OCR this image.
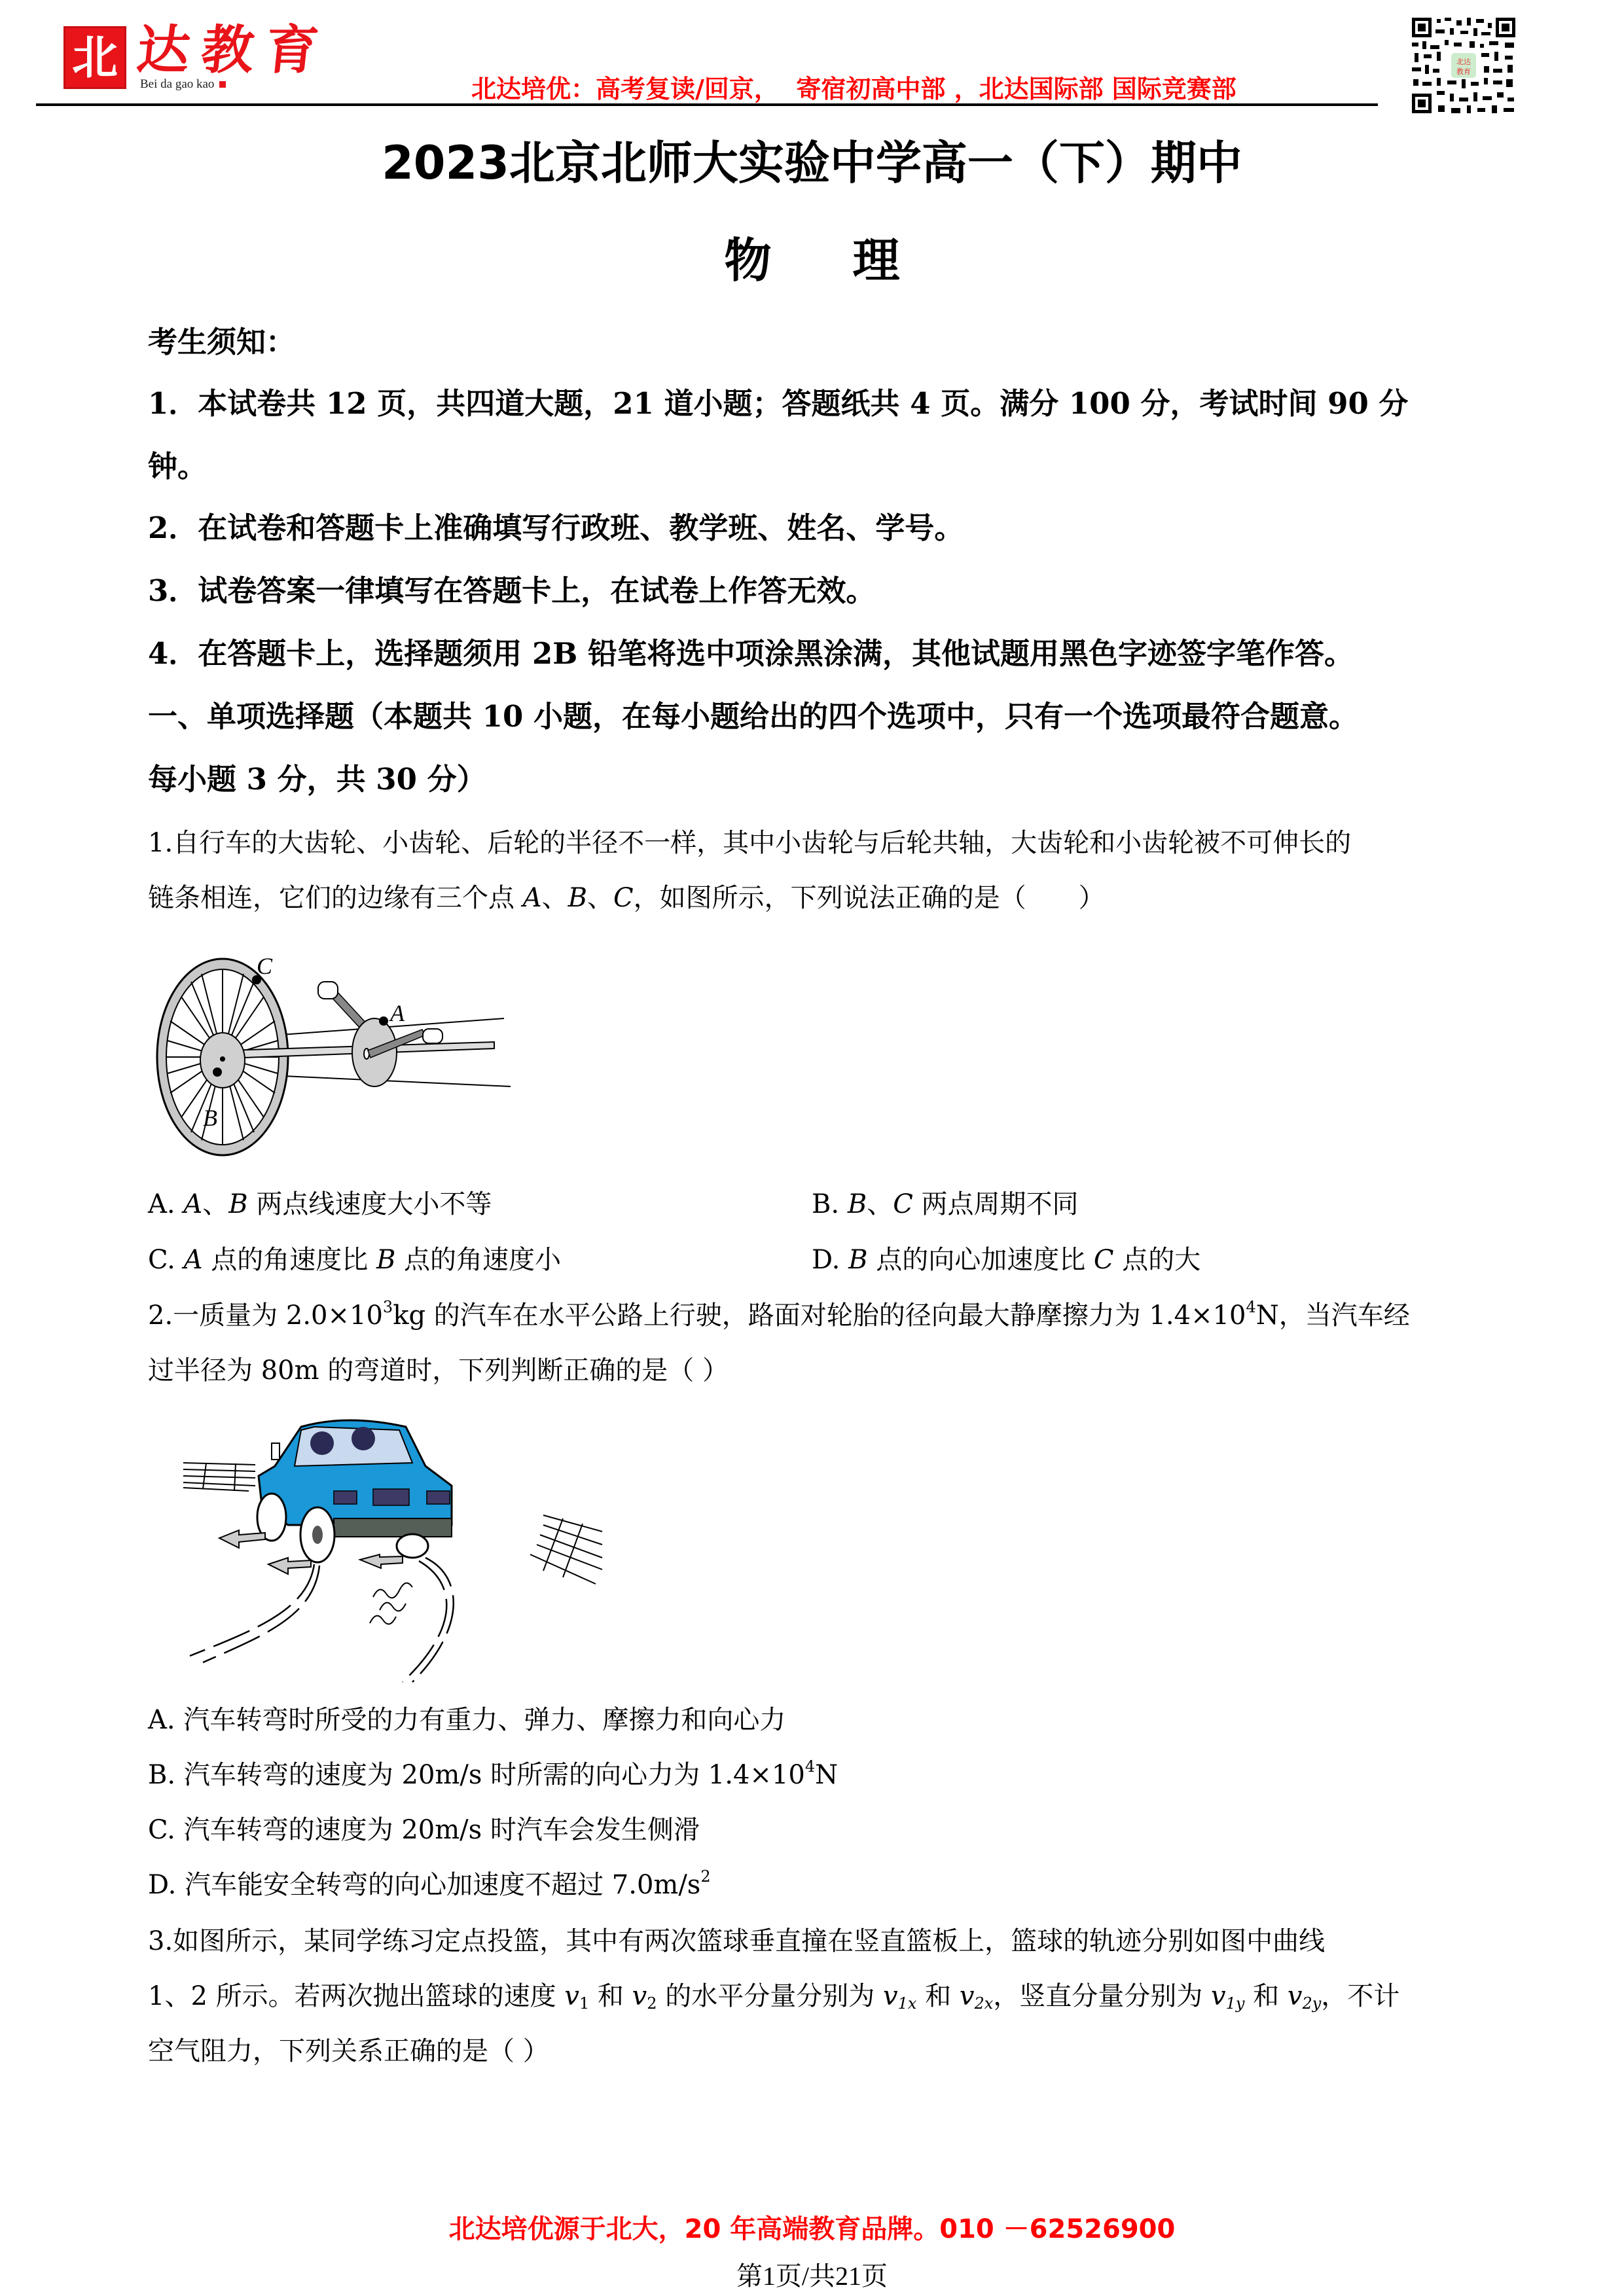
北 达教育
Bei da gao kao	北达培优：高考复读/回京，  寄宿初高中部 ，北达国际部 国际竞赛部
北达
教育
2023北京北师大实验中学高一（下）期中
物 理
考生须知：
1．本试卷共 12 页，共四道大题，21 道小题；答题纸共 4 页。满分 100 分，考试时间 90 分
钟。
2．在试卷和答题卡上准确填写行政班、教学班、姓名、学号。
3．试卷答案一律填写在答题卡上，在试卷上作答无效。
4．在答题卡上，选择题须用 2B 铅笔将选中项涂黑涂满，其他试题用黑色字迹签字笔作答。
一、单项选择题（本题共 10 小题，在每小题给出的四个选项中，只有一个选项最符合题意。
每小题 3 分，共 30 分）
1.自行车的大齿轮、小齿轮、后轮的半径不一样，其中小齿轮与后轮共轴，大齿轮和小齿轮被不可伸长的
链条相连，它们的边缘有三个点 A、B、C，如图所示，下列说法正确的是（　　）
C
A
B
A. A、B 两点线速度大小不等	B. B、C 两点周期不同
C. A 点的角速度比 B 点的角速度小	D. B 点的向心加速度比 C 点的大
2.一质量为 $2.0\times 10^3kg$ 的汽车在水平公路上行驶，路面对轮胎的径向最大静摩擦力为 $1.4\times 10^4N$，当汽车经
过半径为 80m 的弯道时，下列判断正确的是（ ）
A. 汽车转弯时所受的力有重力、弹力、摩擦力和向心力
B. 汽车转弯的速度为 20m/s 时所需的向心力为 $1.4\times 10^4N$
C. 汽车转弯的速度为 20m/s 时汽车会发生侧滑
D. 汽车能安全转弯的向心加速度不超过 $7.0m/s^2$
3.如图所示，某同学练习定点投篮，其中有两次篮球垂直撞在竖直篮板上，篮球的轨迹分别如图中曲线
1、2 所示。若两次抛出篮球的速度 $v_1$ 和 $v_2$ 的水平分量分别为 $v_{1x}$ 和 $v_{2x}$，竖直分量分别为 $v_{1y}$ 和 $v_{2y}$，不计
空气阻力，下列关系正确的是（ ）
北达培优源于北大，20 年高端教育品牌。010 －62526900
第1页/共21页
